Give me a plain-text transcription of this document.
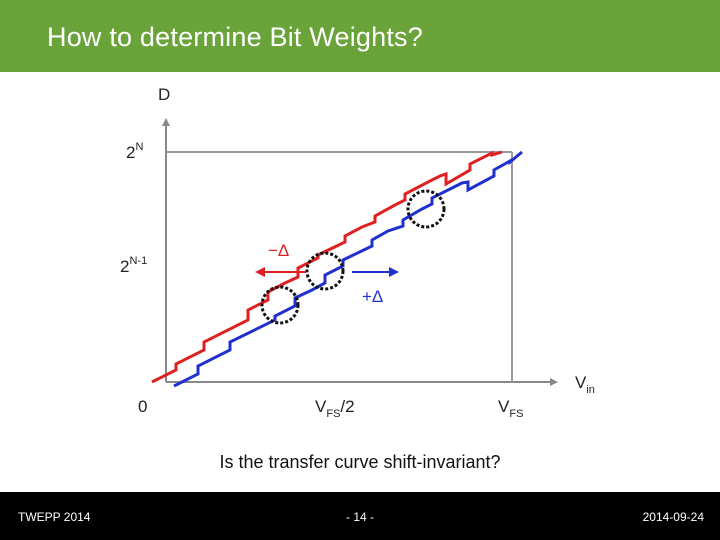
How to determine Bit Weights?
−Δ
+Δ
D
$V_{in}$
$2^N$
$2^{N-1}$
0	$V_{FS}/2$	$V_{FS}$
Is the transfer curve shift-invariant?
TWEPP 2014	- 14 -	2014-09-24
